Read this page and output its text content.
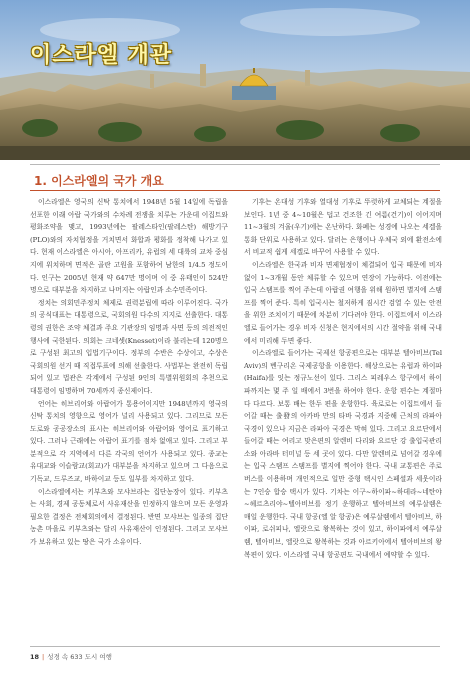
이스라엘 개관
1. 이스라엘의 국가 개요

이스라엘은 영국의 신탁 통치에서 1948년 5월 14일에 독립을 선포한 이래 아랍 국가와의 수차례 전쟁을 치루는 가운데 이집트와 평화조약을 맺고, 1993년에는 팔레스타인(팔레스탄) 해방기구(PLO)와의 자치협정을 거치면서 화합과 평화를 정착해 나가고 있다. 현재 이스라엘은 아시아, 아프리카, 유럽의 세 대륙의 교차 중심지에 위치하며 면적은 골란 고원을 포함하여 남한의 1/4.5 정도이다. 인구는 2005년 현재 약 647만 명이며 이 중 유태인이 524만 명으로 대부분을 차지하고 나머지는 아랍인과 소수민족이다.

정치는 의회민주정치 체제로 권력분립에 따라 이루어진다. 국가의 공식대표는 대통령으로, 국회의원 다수의 지지로 선출한다. 대통령의 권한은 조약 체결과 주요 기관장의 임명과 사면 등의 의전적인 행사에 국한된다. 의회는 크네셋(Knesset)이라 불리는데 120명으로 구성된 최고의 입법기구이다. 정부의 수반은 수상이고, 수상은 국회의원 선거 때 직접투표에 의해 선출한다. 사법부는 완전히 독립되어 있고 법관은 각계에서 구성된 9인의 특별위원회의 추천으로 대통령이 임명하며 70세까지 종신제이다.

언어는 히브리어와 아랍어가 통용어이지만 1948년까지 영국의 신탁 통치의 영향으로 영어가 널리 사용되고 있다. 그리므로 모든 도로와 공공장소의 표시는 히브리어와 아랍어와 영어로 표기하고 있다. 그러나 근래에는 아랍어 표기를 점차 없애고 있다. 그리고 부분적으로 각 지역에서 다른 각국의 언어가 사용되고 있다. 종교는 유대교와 이슬람교(회교)가 대부분을 차지하고 있으며 그 다음으로 기독교, 드루즈교, 바하이교 등도 일부를 차지하고 있다.

이스라엘에서는 키부츠와 모샤브라는 집단농장이 있다. 키부츠는 사회, 경제 공동체로서 사유재산을 인정하지 않으며 모든 운영과 필요한 결정은 전체회의에서 결정된다. 반면 모샤브는 일종의 집단 농촌 마을로 키부츠와는 달리 사유재산이 인정된다. 그리고 모샤브가 보유하고 있는 땅은 국가 소유이다.

기후는 온대성 기후와 열대성 기후로 뚜렷하게 교체되는 계절을 보인다. 1년 중 4~10월은 덥고 건조한 긴 여름(건기)이 이어지며 11~3월의 겨울(우기)에는 온난하다. 화폐는 성경에 나오는 세겔을 통화 단위로 사용하고 있다. 달러는 은행이나 우체국 외에 환전소에서 비교적 쉽게 세겔로 바꾸어 사용할 수 있다.

이스라엘은 한국과 비자 면제협정이 체결되어 입국 때문에 비자 없이 1~3개월 동안 체류할 수 있으며 연장이 가능하다. 이전에는 입국 스탬프를 찍어 주는데 아랍권 여행을 위해 원하면 별지에 스탬프를 찍어 준다. 특히 입국시는 철저하게 짐시간 검열 수 있는 안전을 위한 조치이기 때문에 차분히 기다려야 한다. 이집트에서 이스라엘로 들어가는 경우 비자 신청은 현지에서의 시간 절약을 위해 국내에서 미리해 두면 좋다.

이스라엘로 들어가는 국제선 항공편으로는 대부분 텔아비브(Tel Aviv)의 벤구리온 국제공항을 이용한다. 해상으로는 유럽과 하이파(Haifa)를 잇는 정규노선이 있다. 그리스 피레우스 항구에서 하이파까지는 몇 주 일 배에서 3번을 하여야 한다. 운항 편수는 계절마다 다르다. 보통 배는 한두 편을 운항한다. 육로로는 이집트에서 들어갈 때는 출發의 아카바 만의 타바 국경과 지중해 근처의 라파아 국경이 있으나 지금은 라파아 국경은 막혀 있다. 그리고 요르단에서 들어갈 때는 여리고 맞은편의 알렌비 다리와 요르단 강 출입국관리소와 아라바 터미널 등 세 곳이 있다. 다만 알렌비로 넘어갈 경우에는 입국 스탬프 스탬프를 별지에 찍어야 한다. 국내 교통편은 주로 버스를 이용하며 개인적으로 일만 중형 택시인 스페셜과 세웃이라는 7인승 합승 택시가 있다. 기차는 이구~하이파~하데라~네탄야~헤르츠리야~텔아비브를 정기 운행하고 텔아비브의 예루살렘은 매일 운행한다. 국내 항공(엘 알 항공)은 예루살렘에서 텔아비브, 하이파, 로쉬피나, 엘랏으로 왕복하는 것이 있고, 하이파에서 예루살렘, 텔아비브, 엘랏으로 왕복하는 것과 아르키아에서 텔아비브의 왕복편이 있다. 이스라엘 국내 항공편도 국내에서 예약할 수 있다.

18 | 성경 속 633 도시 여행
